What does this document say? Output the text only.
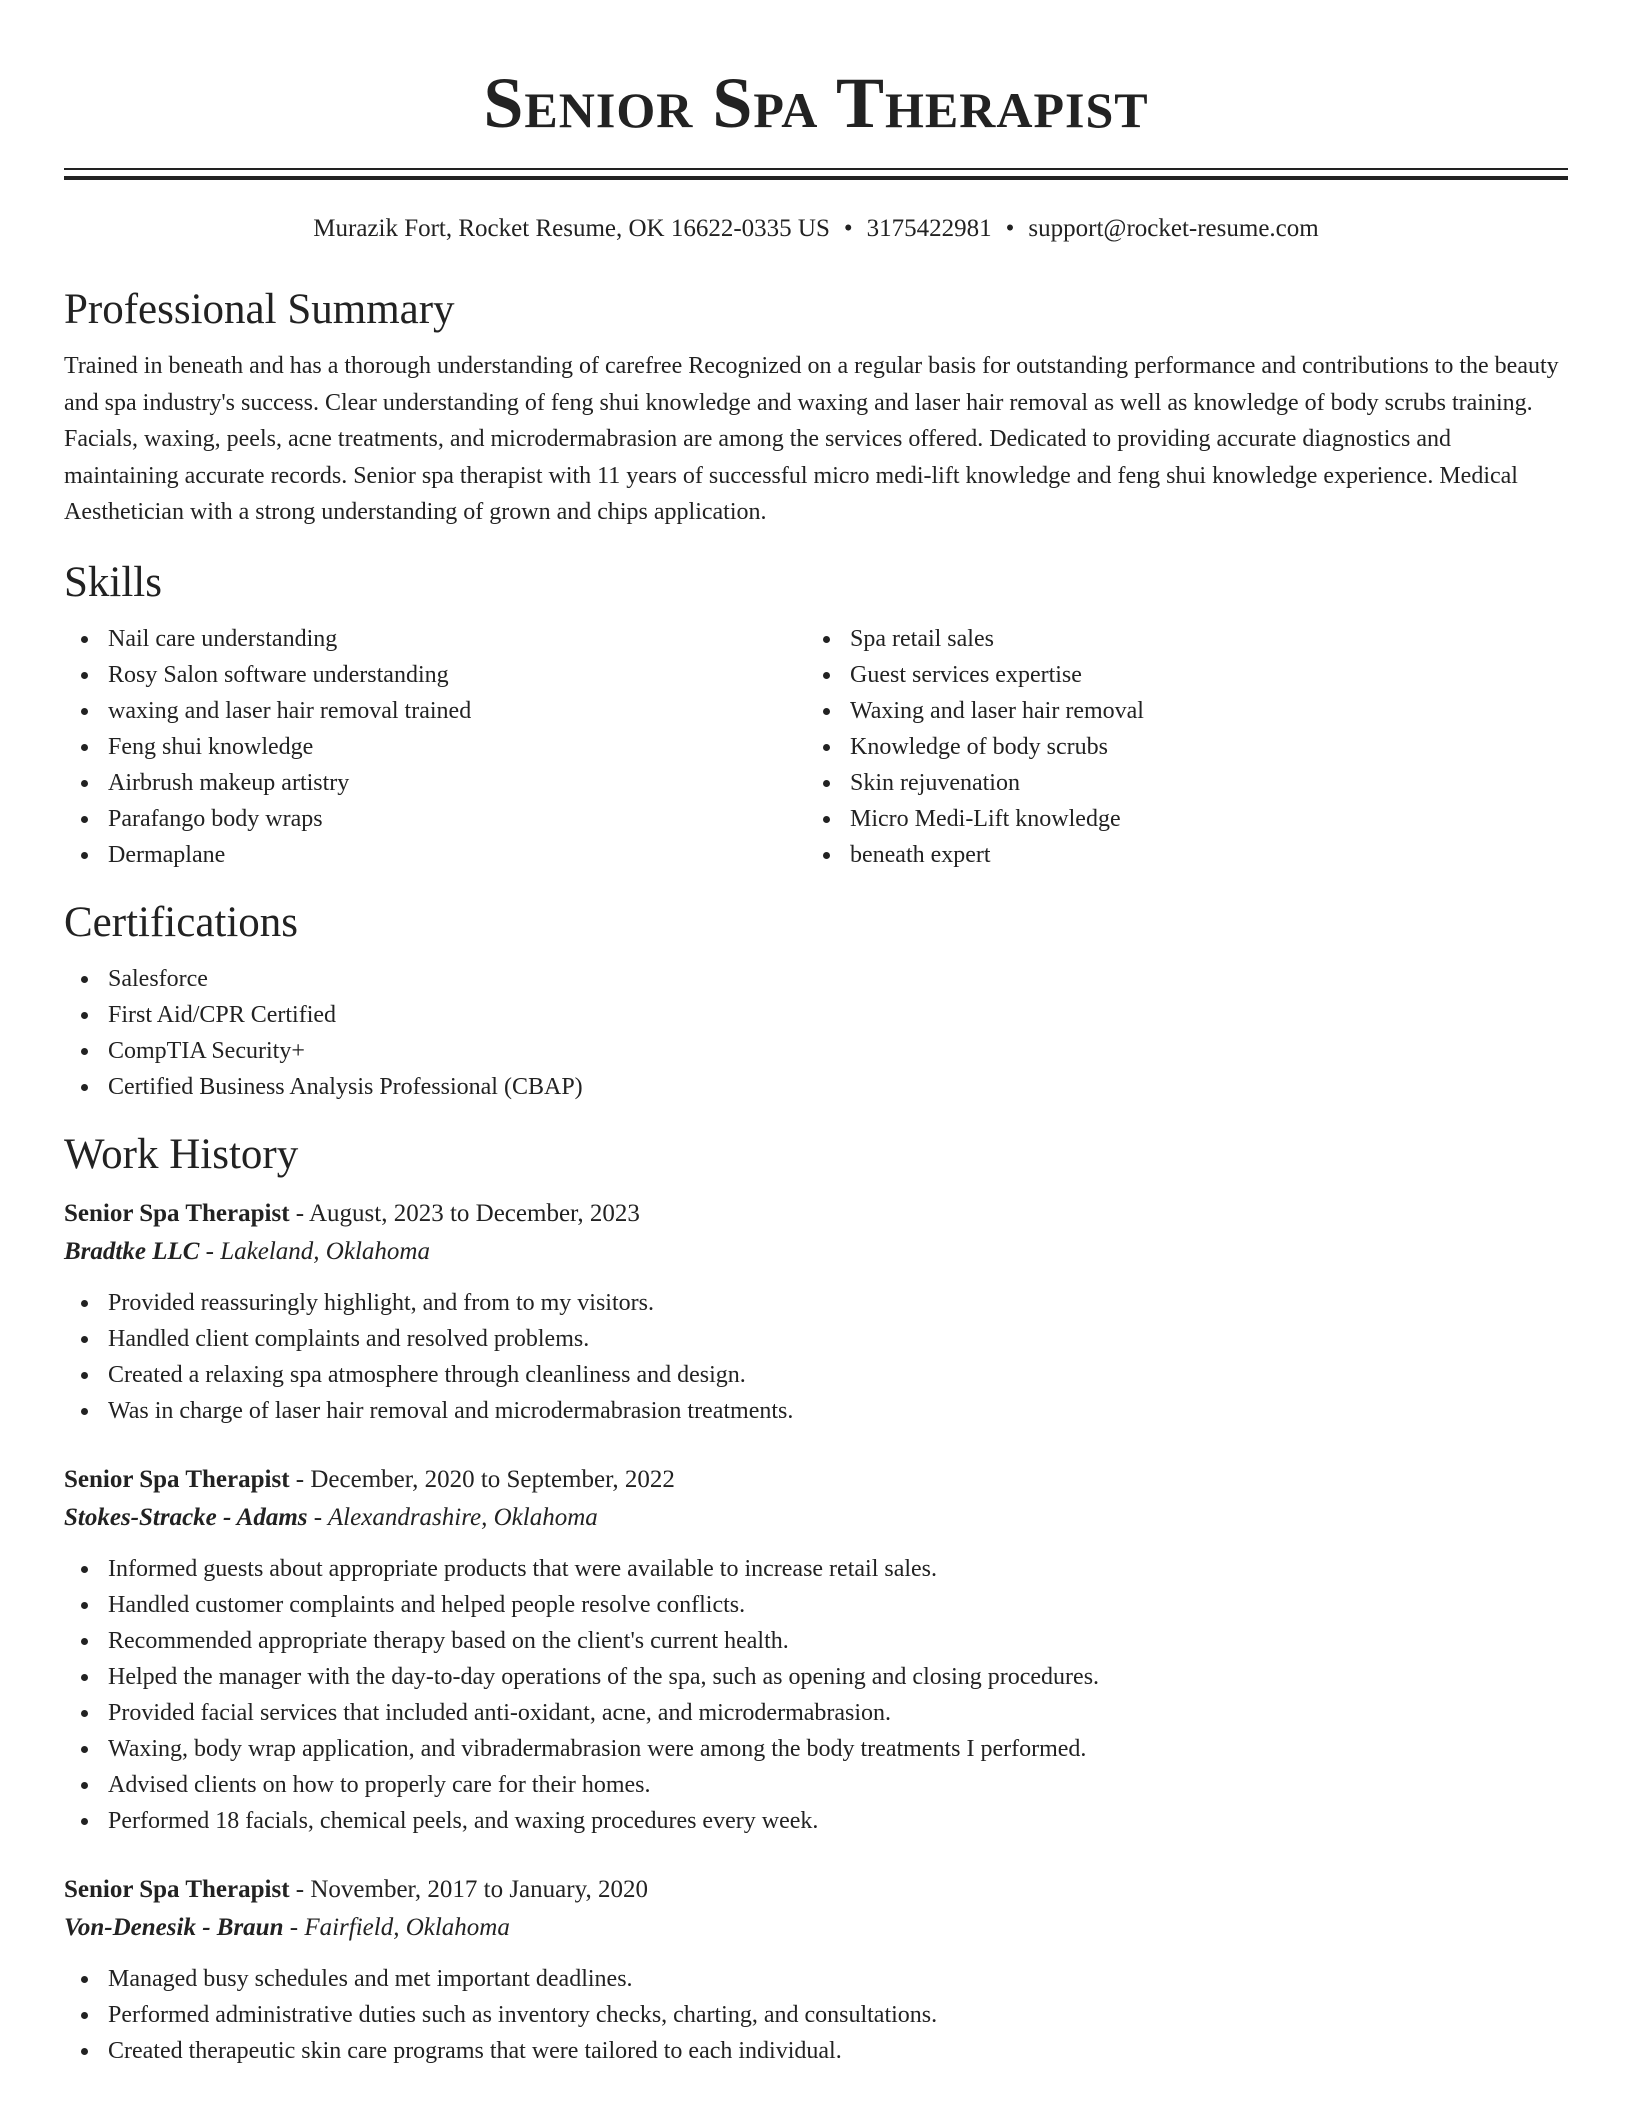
Senior Spa Therapist
Murazik Fort, Rocket Resume, OK 16622-0335 US • 3175422981 • support@rocket-resume.com
Professional Summary

Trained in beneath and has a thorough understanding of carefree Recognized on a regular basis for outstanding performance and contributions to the beauty and spa industry's success. Clear understanding of feng shui knowledge and waxing and laser hair removal as well as knowledge of body scrubs training. Facials, waxing, peels, acne treatments, and microdermabrasion are among the services offered. Dedicated to providing accurate diagnostics and maintaining accurate records. Senior spa therapist with 11 years of successful micro medi-lift knowledge and feng shui knowledge experience. Medical Aesthetician with a strong understanding of grown and chips application.

Skills
Nail care understanding
Rosy Salon software understanding
waxing and laser hair removal trained
Feng shui knowledge
Airbrush makeup artistry
Parafango body wraps
Dermaplane
Spa retail sales
Guest services expertise
Waxing and laser hair removal
Knowledge of body scrubs
Skin rejuvenation
Micro Medi-Lift knowledge
beneath expert
Certifications
Salesforce
First Aid/CPR Certified
CompTIA Security+
Certified Business Analysis Professional (CBAP)
Work History
Senior Spa Therapist - August, 2023 to December, 2023
Bradtke LLC - Lakeland, Oklahoma
Provided reassuringly highlight, and from to my visitors.
Handled client complaints and resolved problems.
Created a relaxing spa atmosphere through cleanliness and design.
Was in charge of laser hair removal and microdermabrasion treatments.
Senior Spa Therapist - December, 2020 to September, 2022
Stokes-Stracke - Adams - Alexandrashire, Oklahoma
Informed guests about appropriate products that were available to increase retail sales.
Handled customer complaints and helped people resolve conflicts.
Recommended appropriate therapy based on the client's current health.
Helped the manager with the day-to-day operations of the spa, such as opening and closing procedures.
Provided facial services that included anti-oxidant, acne, and microdermabrasion.
Waxing, body wrap application, and vibradermabrasion were among the body treatments I performed.
Advised clients on how to properly care for their homes.
Performed 18 facials, chemical peels, and waxing procedures every week.
Senior Spa Therapist - November, 2017 to January, 2020
Von-Denesik - Braun - Fairfield, Oklahoma
Managed busy schedules and met important deadlines.
Performed administrative duties such as inventory checks, charting, and consultations.
Created therapeutic skin care programs that were tailored to each individual.
